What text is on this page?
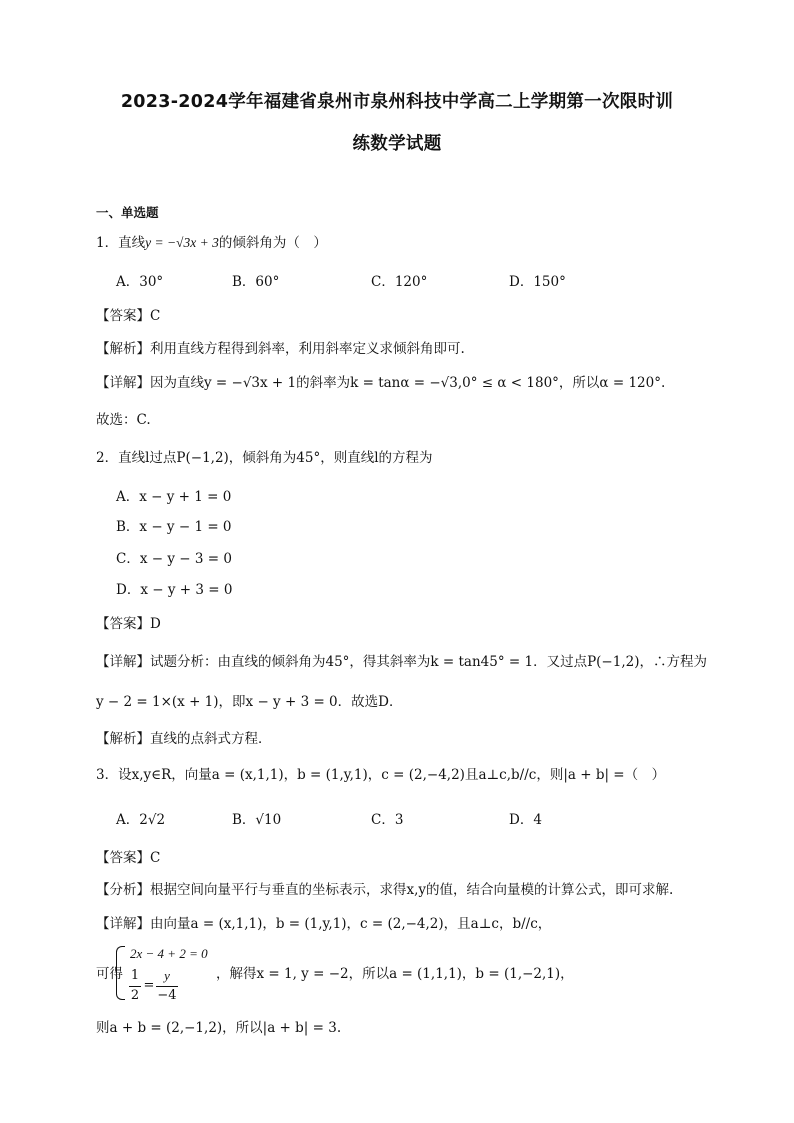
2023-2024学年福建省泉州市泉州科技中学高二上学期第一次限时训
练数学试题
一、单选题
1．直线y = −√3x + 3的倾斜角为（　）
A．30°	B．60°	C．120°	D．150°
【答案】C
【解析】利用直线方程得到斜率，利用斜率定义求倾斜角即可.
【详解】因为直线y = −√3x + 1的斜率为k = tanα = −√3,0° ≤ α < 180°，所以α = 120°.
故选：C.
2．直线l过点P(−1,2)，倾斜角为45°，则直线l的方程为
A．x − y + 1 = 0
B．x − y − 1 = 0
C．x − y − 3 = 0
D．x − y + 3 = 0
【答案】D
【详解】试题分析：由直线的倾斜角为45°，得其斜率为k = tan45° = 1．又过点P(−1,2)，∴方程为
y − 2 = 1×(x + 1)，即x − y + 3 = 0．故选D．
【解析】直线的点斜式方程．
3．设x,y∈R，向量a = (x,1,1)，b = (1,y,1)，c = (2,−4,2)且a⊥c,b//c，则|a + b| =（　）
A．2√2	B．√10	C．3	D．4
【答案】C
【分析】根据空间向量平行与垂直的坐标表示，求得x,y的值，结合向量模的计算公式，即可求解.
【详解】由向量a = (x,1,1)，b = (1,y,1)，c = (2,−4,2)，且a⊥c，b//c，
可得
2x − 4 + 2 = 0
1
2
=
y
−4
，解得x = 1, y = −2，所以a = (1,1,1)，b = (1,−2,1)，
则a + b = (2,−1,2)，所以|a + b| = 3.
